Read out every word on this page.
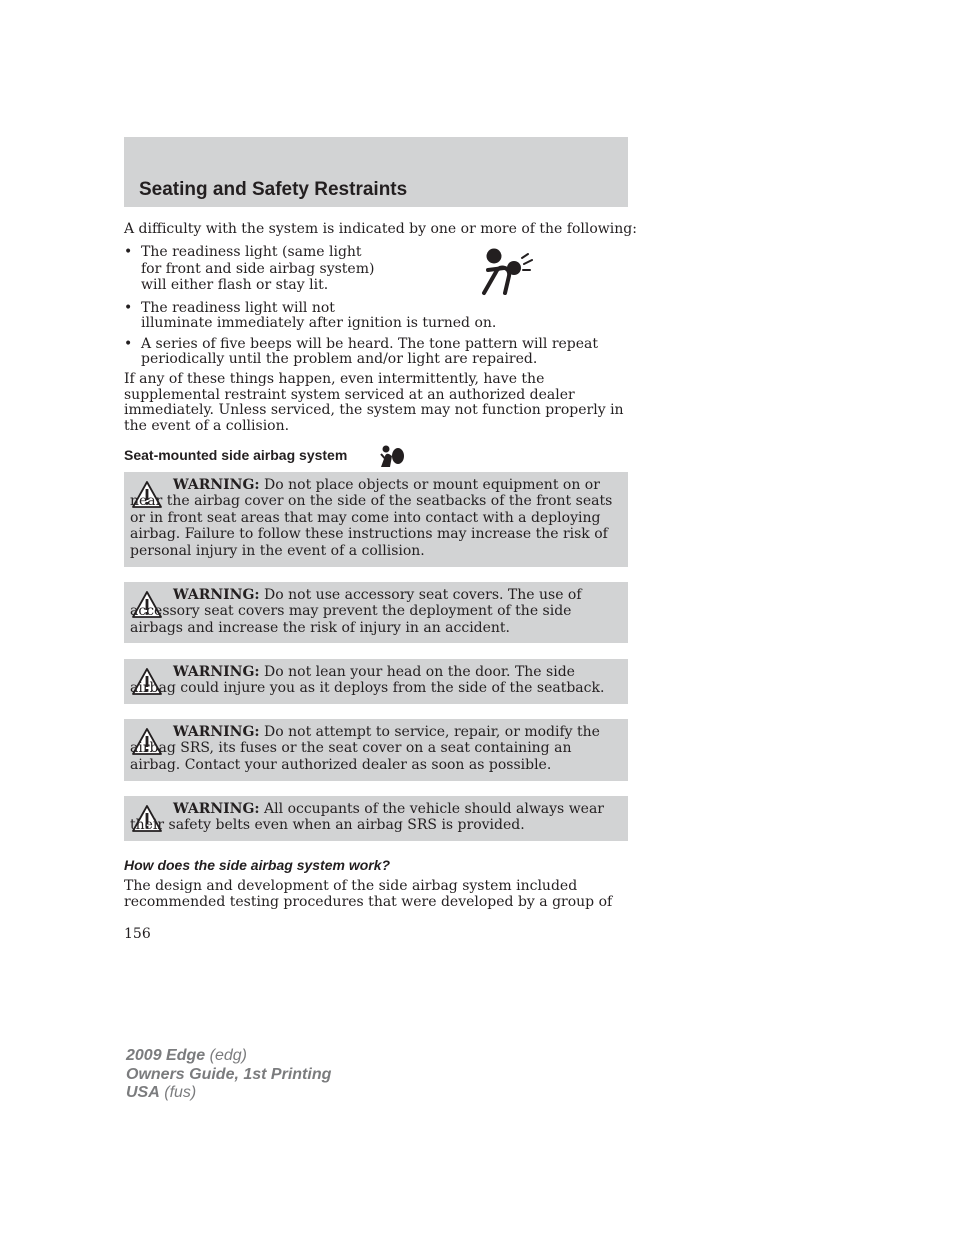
Seating and Safety Restraints
A difficulty with the system is indicated by one or more of the following:
• The readiness light (same light
for front and side airbag system)
will either flash or stay lit.
• The readiness light will not
illuminate immediately after ignition is turned on.
• A series of five beeps will be heard. The tone pattern will repeat
periodically until the problem and/or light are repaired.
If any of these things happen, even intermittently, have the supplemental restraint system serviced at an authorized dealer immediately. Unless serviced, the system may not function properly in the event of a collision.
Seat-mounted side airbag system
WARNING: Do not place objects or mount equipment on or near the airbag cover on the side of the seatbacks of the front seats or in front seat areas that may come into contact with a deploying airbag. Failure to follow these instructions may increase the risk of personal injury in the event of a collision.
WARNING: Do not use accessory seat covers. The use of accessory seat covers may prevent the deployment of the side airbags and increase the risk of injury in an accident.
WARNING: Do not lean your head on the door. The side airbag could injure you as it deploys from the side of the seatback.
WARNING: Do not attempt to service, repair, or modify the airbag SRS, its fuses or the seat cover on a seat containing an airbag. Contact your authorized dealer as soon as possible.
WARNING: All occupants of the vehicle should always wear their safety belts even when an airbag SRS is provided.
How does the side airbag system work?
The design and development of the side airbag system included recommended testing procedures that were developed by a group of
156
2009 Edge (edg)
Owners Guide, 1st Printing
USA (fus)
